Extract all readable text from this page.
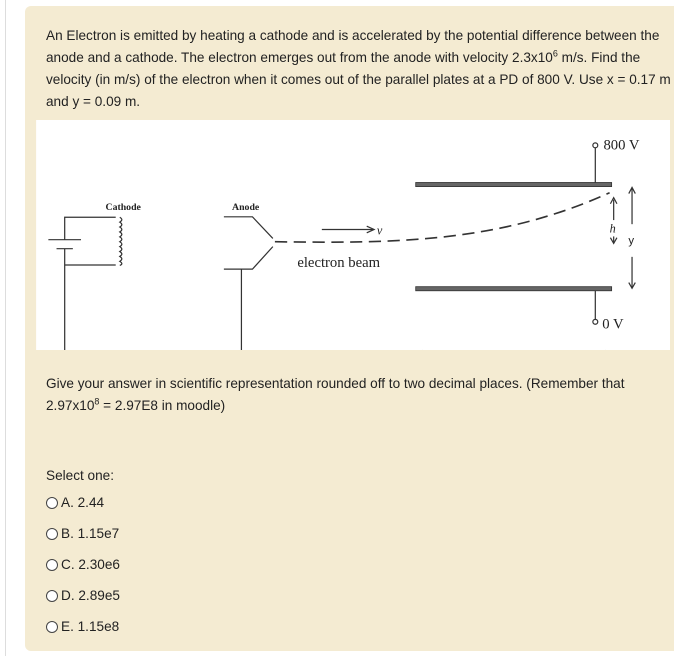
An Electron is emitted by heating a cathode and is accelerated by the potential difference between the anode and a cathode. The electron emerges out from the anode with velocity $2.3x10^6$ m/s. Find the velocity (in m/s) of the electron when it comes out of the parallel plates at a PD of 800 V. Use x = 0.17 m and y = 0.09 m.
Cathode	Anode
v
electron beam
800 V
0 V
h
y
Give your answer in scientific representation rounded off to two decimal places. (Remember that $2.97x10^8 = 2.97E8$ in moodle)
Select one:
A. 2.44
B. 1.15e7
C. 2.30e6
D. 2.89e5
E. 1.15e8
